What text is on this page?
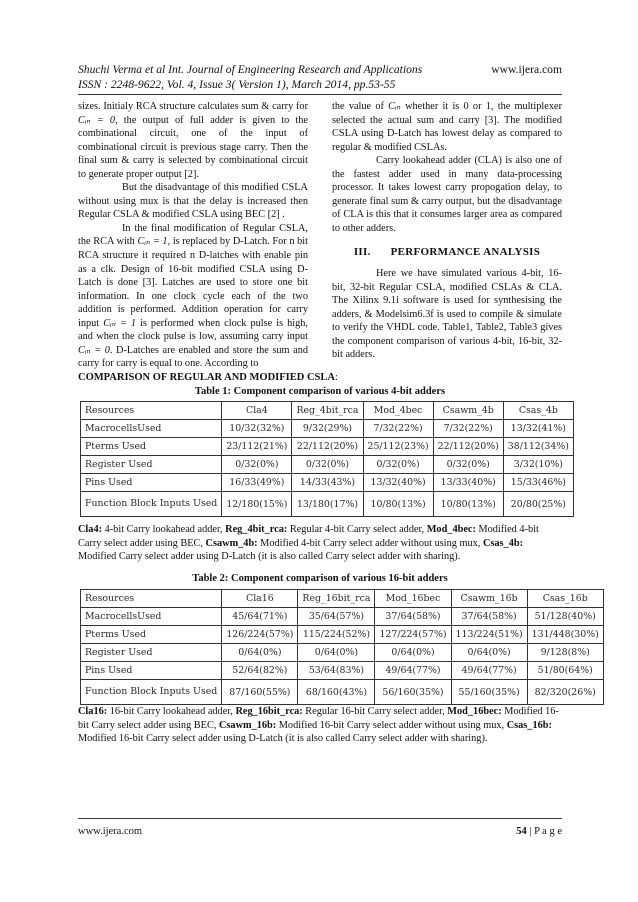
Shuchi Verma et al Int. Journal of Engineering Research and Applications	www.ijera.com
ISSN : 2248-9622, Vol. 4, Issue 3( Version 1), March 2014, pp.53-55

sizes. Initialy RCA structure calculates sum & carry for Cᵢₙ = 0, the output of full adder is given to the combinational circuit, one of the input of combinational circuit is previous stage carry. Then the final sum & carry is selected by combinational circuit to generate proper output [2].

But the disadvantage of this modified CSLA without using mux is that the delay is increased then Regular CSLA & modified CSLA using BEC [2] .

In the final modification of Regular CSLA, the RCA with Cᵢₙ = 1, is replaced by D-Latch. For n bit RCA structure it required n D-latches with enable pin as a clk. Design of 16-bit modified CSLA using D-Latch is done [3]. Latches are used to store one bit information. In one clock cycle each of the two addition is performed. Addition operation for carry input Cᵢₙ = 1 is performed when clock pulse is high, and when the clock pulse is low, assuming carry input Cᵢₙ = 0. D-Latches are enabled and store the sum and carry for carry is equal to one. According to

the value of Cᵢₙ whether it is 0 or 1, the multiplexer selected the actual sum and carry [3]. The modified CSLA using D-Latch has lowest delay as compared to regular & modified CSLAs.

Carry lookahead adder (CLA) is also one of the fastest adder used in many data-processing processor. It takes lowest carry propogation delay, to generate final sum & carry output, but the disadvantage of CLA is this that it consumes larger area as compared to other adders.

III. PERFORMANCE ANALYSIS

Here we have simulated various 4-bit, 16-bit, 32-bit Regular CSLA, modified CSLAs & CLA. The Xilinx 9.1i software is used for synthesising the adders, & Modelsim6.3f is used to compile & simulate to verify the VHDL code. Table1, Table2, Table3 gives the component comparison of various 4-bit, 16-bit, 32-bit adders.

COMPARISON OF REGULAR AND MODIFIED CSLA:
Table 1: Component comparison of various 4-bit adders
Resources	Cla4	Reg_4bit_rca	Mod_4bec	Csawm_4b	Csas_4b
MacrocellsUsed	10/32(32%)	9/32(29%)	7/32(22%)	7/32(22%)	13/32(41%)
Pterms Used	23/112(21%)	22/112(20%)	25/112(23%)	22/112(20%)	38/112(34%)
Register Used	0/32(0%)	0/32(0%)	0/32(0%)	0/32(0%)	3/32(10%)
Pins Used	16/33(49%)	14/33(43%)	13/32(40%)	13/33(40%)	15/33(46%)
Function Block Inputs Used	12/180(15%)	13/180(17%)	10/80(13%)	10/80(13%)	20/80(25%)
Cla4: 4-bit Carry lookahead adder, Reg_4bit_rca: Regular 4-bit Carry select adder, Mod_4bec: Modified 4-bit Carry select adder using BEC, Csawm_4b: Modified 4-bit Carry select adder without using mux, Csas_4b: Modified Carry select adder using D-Latch (it is also called Carry select adder with sharing).
Table 2: Component comparison of various 16-bit adders
Resources	Cla16	Reg_16bit_rca	Mod_16bec	Csawm_16b	Csas_16b
MacrocellsUsed	45/64(71%)	35/64(57%)	37/64(58%)	37/64(58%)	51/128(40%)
Pterms Used	126/224(57%)	115/224(52%)	127/224(57%)	113/224(51%)	131/448(30%)
Register Used	0/64(0%)	0/64(0%)	0/64(0%)	0/64(0%)	9/128(8%)
Pins Used	52/64(82%)	53/64(83%)	49/64(77%)	49/64(77%)	51/80(64%)
Function Block Inputs Used	87/160(55%)	68/160(43%)	56/160(35%)	55/160(35%)	82/320(26%)
Cla16: 16-bit Carry lookahead adder, Reg_16bit_rca: Regular 16-bit Carry select adder, Mod_16bec: Modified 16-bit Carry select adder using BEC, Csawm_16b: Modified 16-bit Carry select adder without using mux, Csas_16b: Modified 16-bit Carry select adder using D-Latch (it is also called Carry select adder with sharing).
www.ijera.com	54 | P a g e
